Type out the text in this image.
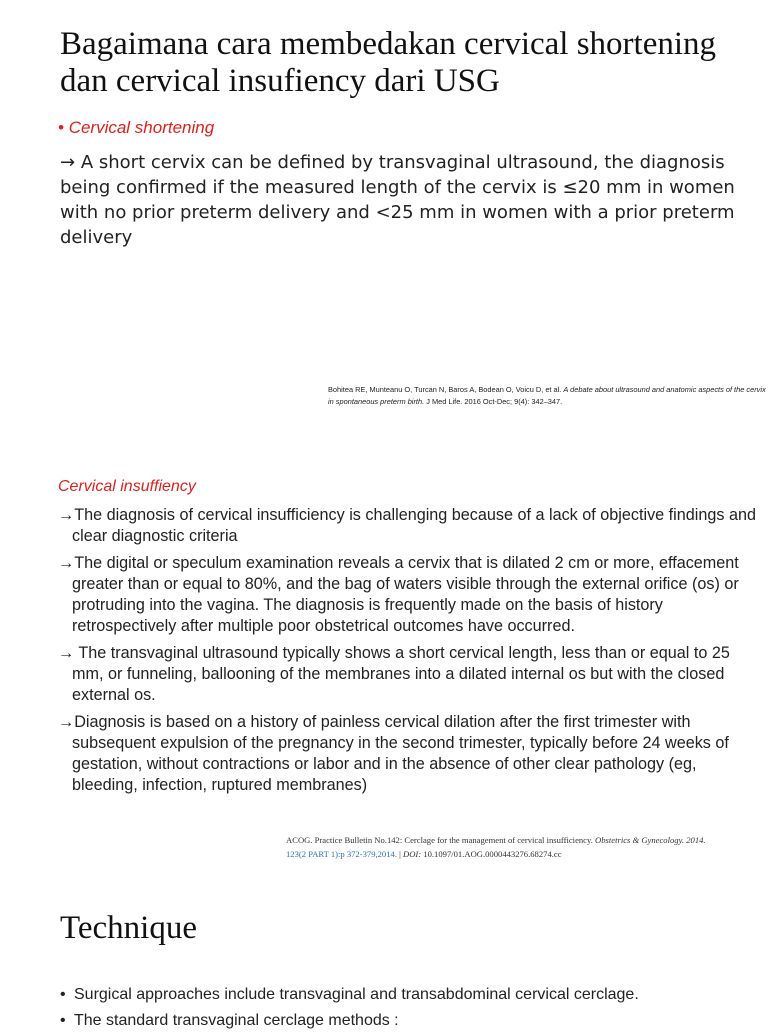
Bagaimana cara membedakan cervical shortening dan cervical insufiency dari USG
• Cervical shortening

→ A short cervix can be defined by transvaginal ultrasound, the diagnosis being confirmed if the measured length of the cervix is ≤20 mm in women with no prior preterm delivery and <25 mm in women with a prior preterm delivery

Bohitea RE, Munteanu O, Turcan N, Baros A, Bodean O, Voicu D, et al. A debate about ultrasound and anatomic aspects of the cervix in spontaneous preterm birth. J Med Life. 2016 Oct-Dec; 9(4): 342–347.
Cervical insuffiency
→The diagnosis of cervical insufficiency is challenging because of a lack of objective findings and clear diagnostic criteria
→The digital or speculum examination reveals a cervix that is dilated 2 cm or more, effacement greater than or equal to 80%, and the bag of waters visible through the external orifice (os) or protruding into the vagina. The diagnosis is frequently made on the basis of history retrospectively after multiple poor obstetrical outcomes have occurred.
→ The transvaginal ultrasound typically shows a short cervical length, less than or equal to 25 mm, or funneling, ballooning of the membranes into a dilated internal os but with the closed external os.
→Diagnosis is based on a history of painless cervical dilation after the first trimester with subsequent expulsion of the pregnancy in the second trimester, typically before 24 weeks of gestation, without contractions or labor and in the absence of other clear pathology (eg, bleeding, infection, ruptured membranes)
ACOG. Practice Bulletin No.142: Cerclage for the management of cervical insufficiency. Obstetrics & Gynecology. 2014.
123(2 PART 1):p 372-379,2014. | DOI: 10.1097/01.AOG.0000443276.68274.cc
Technique
• Surgical approaches include transvaginal and transabdominal cervical cerclage.
• The standard transvaginal cerclage methods :
